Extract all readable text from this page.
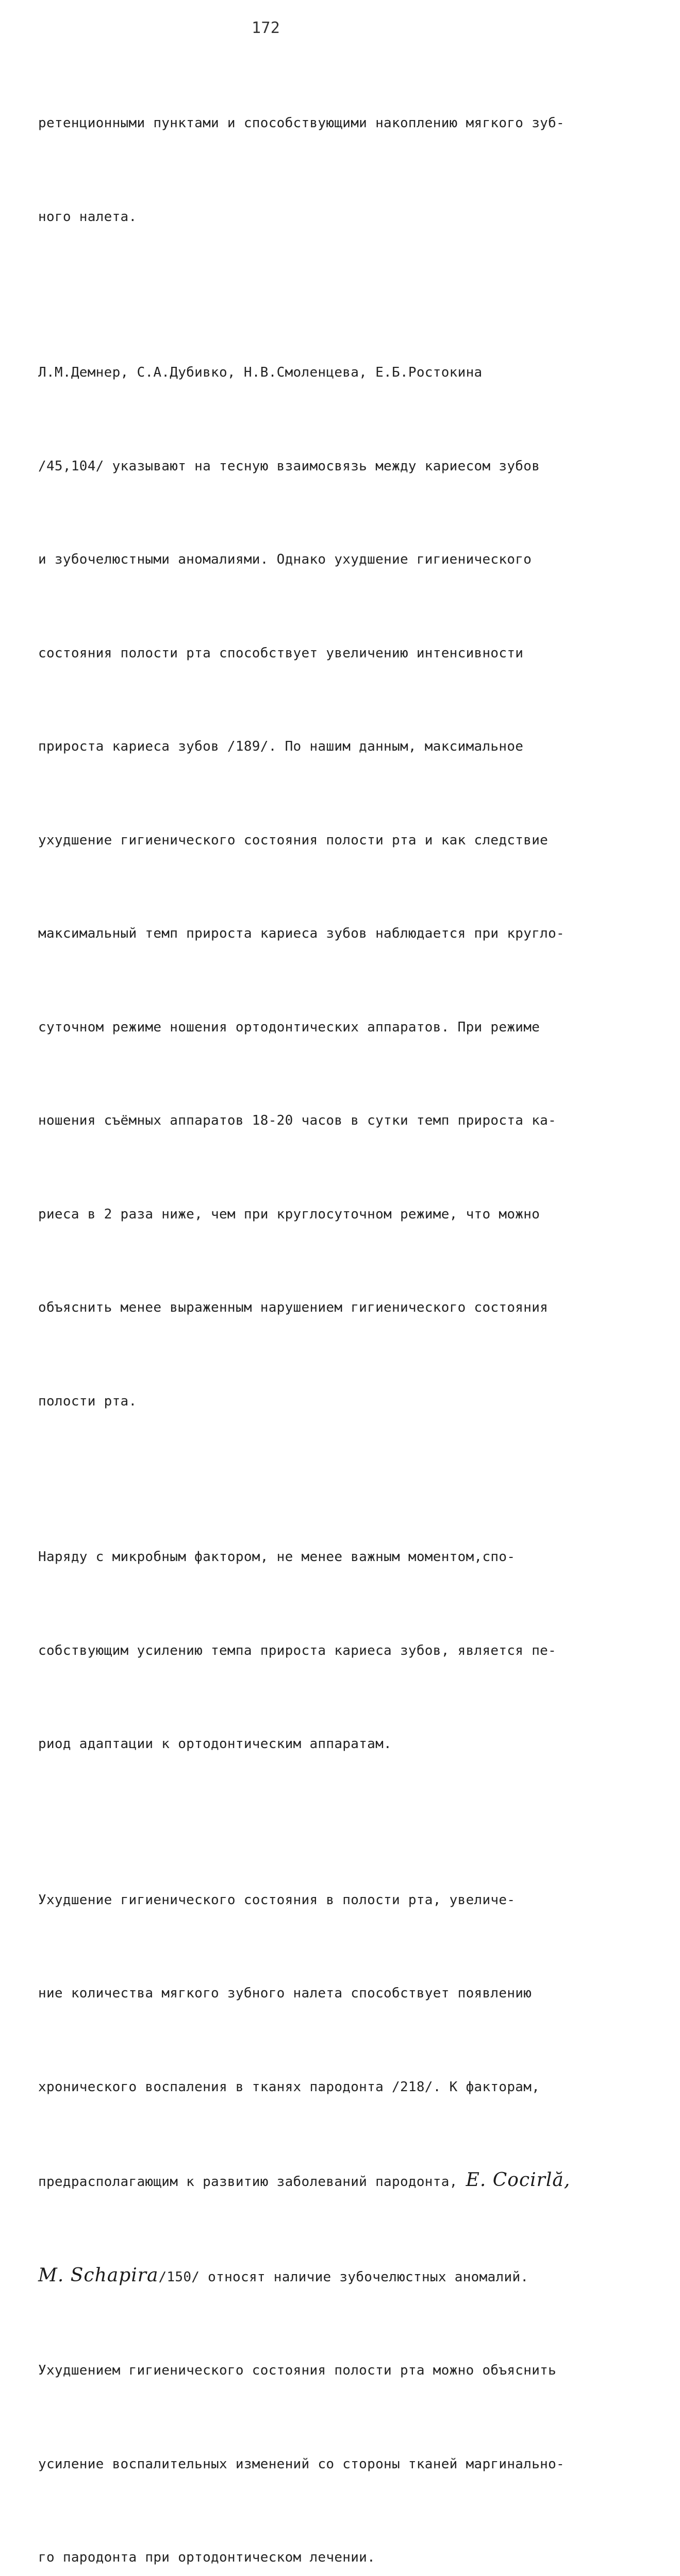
172

ретенционными пунктами и способствующими накоплению мягкого зуб-

ного налета.

Л.М.Демнер, С.А.Дубивко, Н.В.Смоленцева, Е.Б.Ростокина

/45,104/ указывают на тесную взаимосвязь между кариесом зубов

и зубочелюстными аномалиями. Однако ухудшение гигиенического

состояния полости рта способствует увеличению интенсивности

прироста кариеса зубов /189/. По нашим данным, максимальное

ухудшение гигиенического состояния полости рта и как следствие

максимальный темп прироста кариеса зубов наблюдается при кругло-

суточном режиме ношения ортодонтических аппаратов. При режиме

ношения съёмных аппаратов 18-20 часов в сутки темп прироста ка-

риеса в 2 раза ниже, чем при круглосуточном режиме, что можно

объяснить менее выраженным нарушением гигиенического состояния

полости рта.

Наряду с микробным фактором, не менее важным моментом,спо-

собствующим усилению темпа прироста кариеса зубов, является пе-

риод адаптации к ортодонтическим аппаратам.

Ухудшение гигиенического состояния в полости рта, увеличе-

ние количества мягкого зубного налета способствует появлению

хронического воспаления в тканях пародонта /218/. К факторам,

предрасполагающим к развитию заболеваний пародонта, E. Cocirlă,

M. Schapira/150/ относят наличие зубочелюстных аномалий.

Ухудшением гигиенического состояния полости рта можно объяснить

усиление воспалительных изменений со стороны тканей маргинально-

го пародонта при ортодонтическом лечении.
